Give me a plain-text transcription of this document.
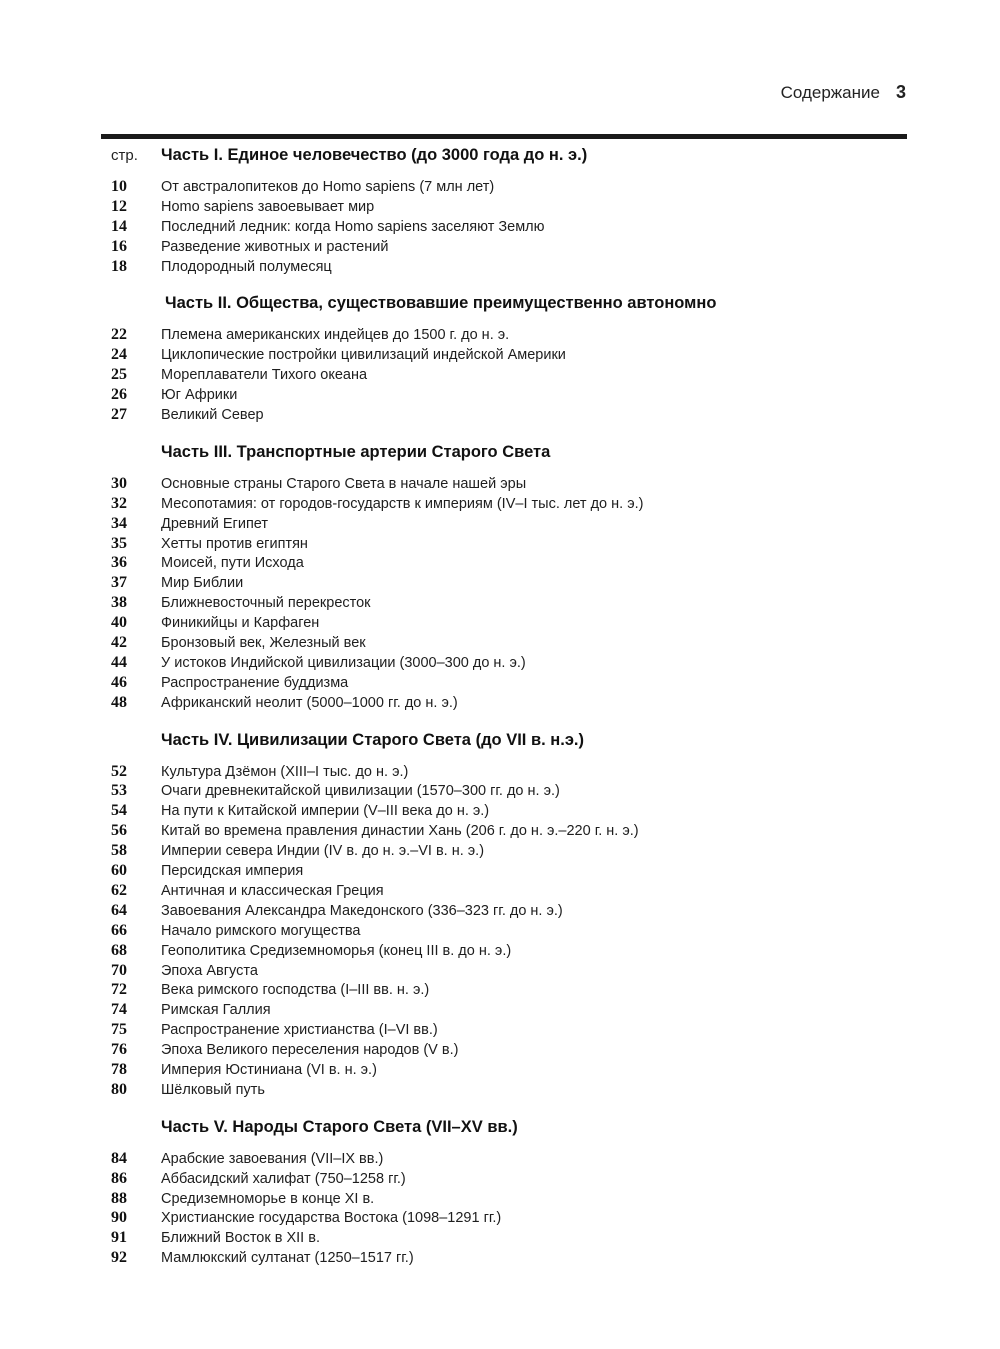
Содержание 3
стр.	Часть I. Единое человечество (до 3000 года до н. э.)
10	От австралопитеков до Homo sapiens (7 млн лет)
12	Homo sapiens завоевывает мир
14	Последний ледник: когда Homo sapiens заселяют Землю
16	Разведение животных и растений
18	Плодородный полумесяц
Часть II. Общества, существовавшие преимущественно автономно
22	Племена американских индейцев до 1500 г. до н. э.
24	Циклопические постройки цивилизаций индейской Америки
25	Мореплаватели Тихого океана
26	Юг Африки
27	Великий Север
Часть III. Транспортные артерии Старого Света
30	Основные страны Старого Света в начале нашей эры
32	Месопотамия: от городов-государств к империям (IV–I тыс. лет до н. э.)
34	Древний Египет
35	Хетты против египтян
36	Моисей, пути Исхода
37	Мир Библии
38	Ближневосточный перекресток
40	Финикийцы и Карфаген
42	Бронзовый век, Железный век
44	У истоков Индийской цивилизации (3000–300 до н. э.)
46	Распространение буддизма
48	Африканский неолит (5000–1000 гг. до н. э.)
Часть IV. Цивилизации Старого Света (до VII в. н.э.)
52	Культура Дзёмон (XIII–I тыс. до н. э.)
53	Очаги древнекитайской цивилизации (1570–300 гг. до н. э.)
54	На пути к Китайской империи (V–III века до н. э.)
56	Китай во времена правления династии Хань (206 г. до н. э.–220 г. н. э.)
58	Империи севера Индии (IV в. до н. э.–VI в. н. э.)
60	Персидская империя
62	Античная и классическая Греция
64	Завоевания Александра Македонского (336–323 гг. до н. э.)
66	Начало римского могущества
68	Геополитика Средиземноморья (конец III в. до н. э.)
70	Эпоха Августа
72	Века римского господства (I–III вв. н. э.)
74	Римская Галлия
75	Распространение христианства (I–VI вв.)
76	Эпоха Великого переселения народов (V в.)
78	Империя Юстиниана (VI в. н. э.)
80	Шёлковый путь
Часть V. Народы Старого Света (VII–XV вв.)
84	Арабские завоевания (VII–IX вв.)
86	Аббасидский халифат (750–1258 гг.)
88	Средиземноморье в конце XI в.
90	Христианские государства Востока (1098–1291 гг.)
91	Ближний Восток в XII в.
92	Мамлюкский султанат (1250–1517 гг.)
